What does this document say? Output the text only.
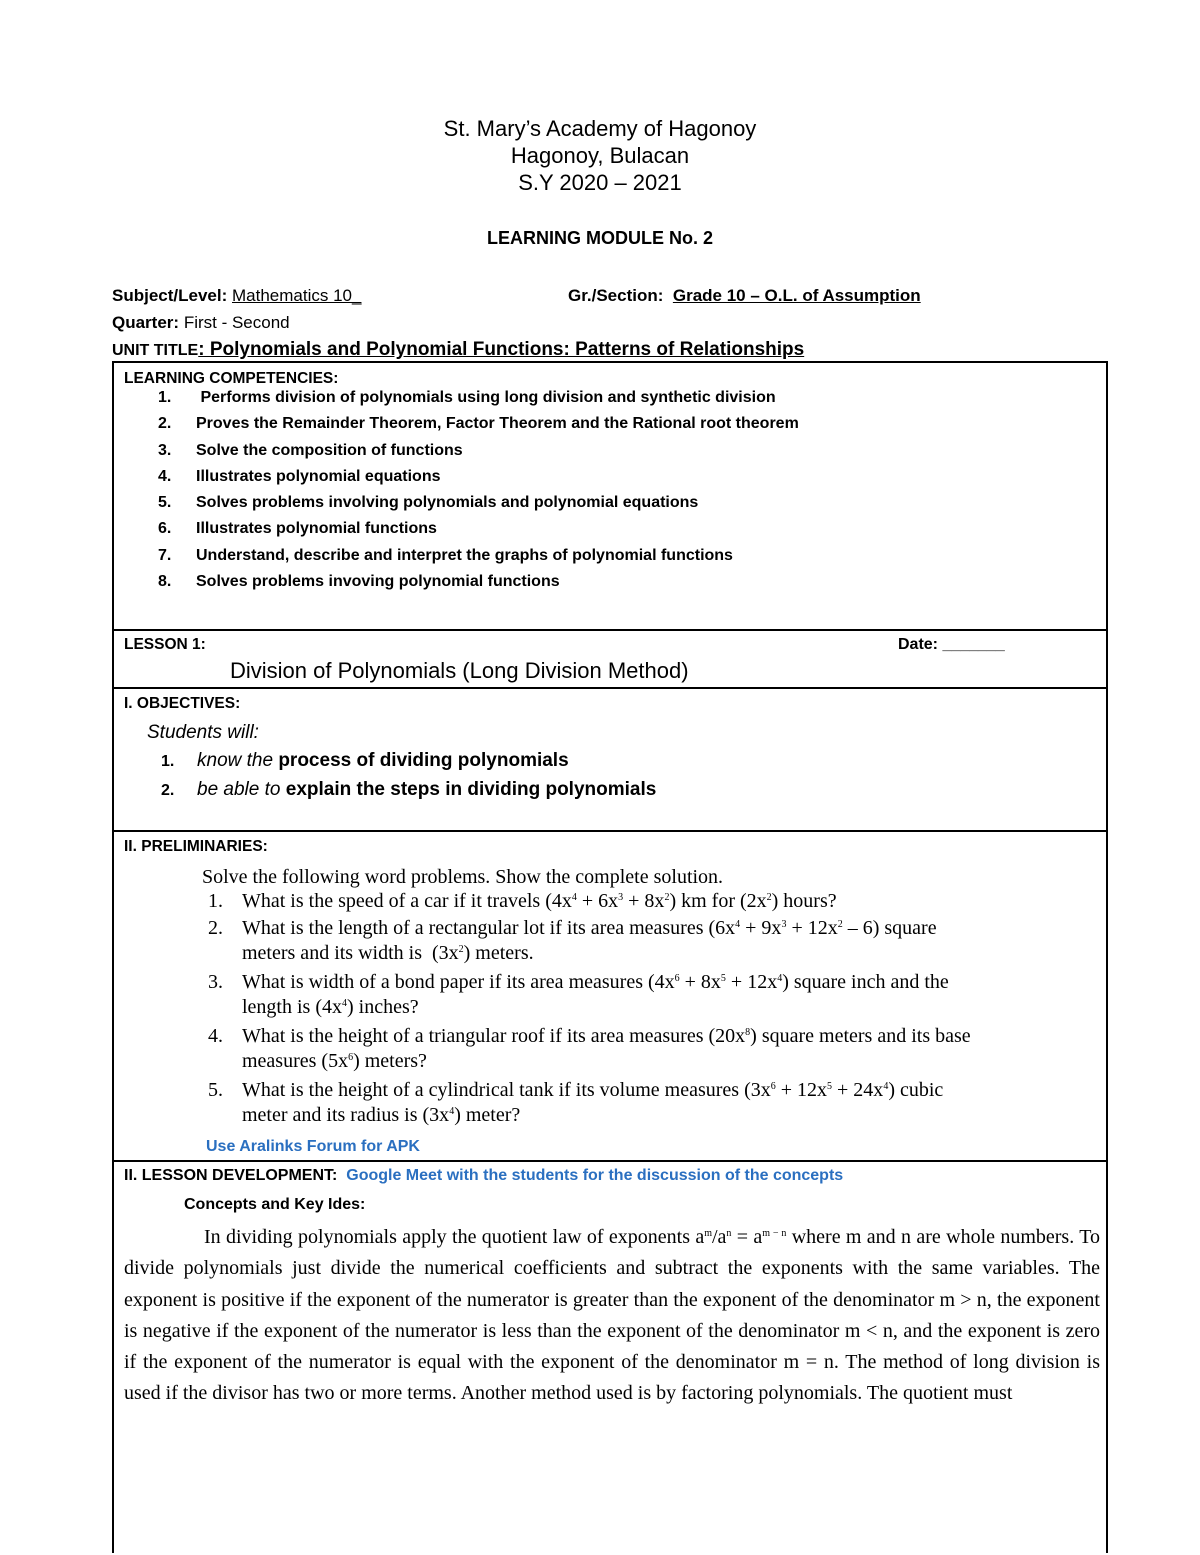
St. Mary’s Academy of Hagonoy
Hagonoy, Bulacan
S.Y 2020 – 2021
LEARNING MODULE No. 2
Subject/Level: Mathematics 10_	Gr./Section: Grade 10 – O.L. of Assumption
Quarter: First - Second
UNIT TITLE: Polynomials and Polynomial Functions: Patterns of Relationships
LEARNING COMPETENCIES:
1. Performs division of polynomials using long division and synthetic division
2. Proves the Remainder Theorem, Factor Theorem and the Rational root theorem
3. Solve the composition of functions
4. Illustrates polynomial equations
5. Solves problems involving polynomials and polynomial equations
6. Illustrates polynomial functions
7. Understand, describe and interpret the graphs of polynomial functions
8. Solves problems invoving polynomial functions
LESSON 1:	Date: _______
Division of Polynomials (Long Division Method)
I. OBJECTIVES:
Students will:
1. know the process of dividing polynomials
2. be able to explain the steps in dividing polynomials
II. PRELIMINARIES:
Solve the following word problems. Show the complete solution.
1. What is the speed of a car if it travels $(4x^4 + 6x^3 + 8x^2)$ km for $(2x^2)$ hours?
2. What is the length of a rectangular lot if its area measures $(6x^4 + 9x^3 + 12x^2 - 6)$ square
meters and its width is  $(3x^2)$ meters.
3. What is width of a bond paper if its area measures $(4x^6 + 8x^5 + 12x^4)$ square inch and the
length is $(4x^4)$ inches?
4. What is the height of a triangular roof if its area measures $(20x^8)$ square meters and its base
measures $(5x^6)$ meters?
5. What is the height of a cylindrical tank if its volume measures $(3x^6 + 12x^5 + 24x^4)$ cubic
meter and its radius is $(3x^4)$ meter?
Use Aralinks Forum for APK
II. LESSON DEVELOPMENT: Google Meet with the students for the discussion of the concepts
Concepts and Key Ides:
In dividing polynomials apply the quotient law of exponents $a^m/a^n = a^{m - n}$ where m and n are whole numbers. To divide polynomials just divide the numerical coefficients and subtract the exponents with the same variables. The exponent is positive if the exponent of the numerator is greater than the exponent of the denominator m > n, the exponent is negative if the exponent of the numerator is less than the exponent of the denominator m < n, and the exponent is zero if the exponent of the numerator is equal with the exponent of the denominator m = n. The method of long division is used if the divisor has two or more terms. Another method used is by factoring polynomials. The quotient must
